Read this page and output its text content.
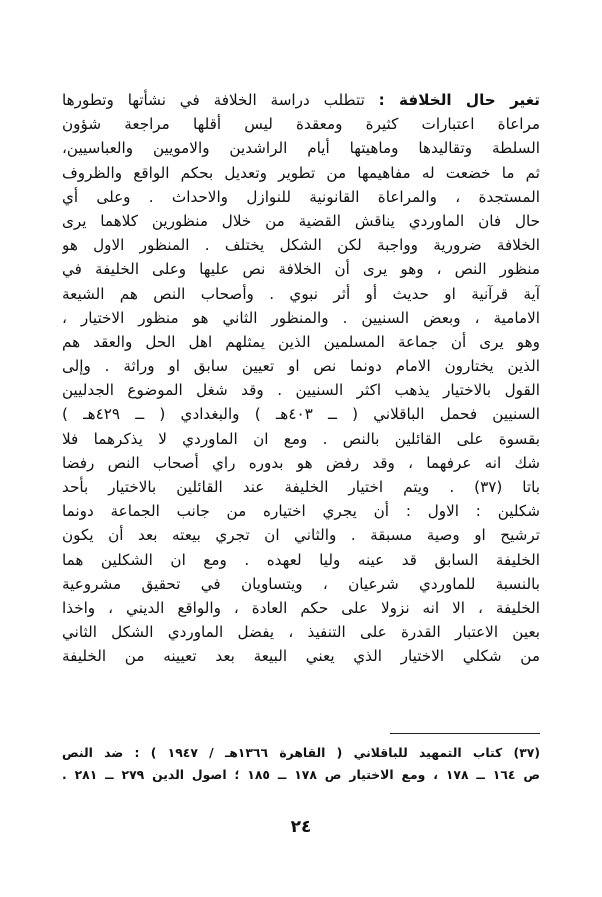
تغير حال الخلافة : تتطلب دراسة الخلافة في نشأتها وتطورها
مراعاة اعتبارات كثيرة ومعقدة ليس أقلها مراجعة شؤون
السلطة وتقاليدها وماهيتها أيام الراشدين والامويين والعباسيين،
ثم ما خضعت له مفاهيمها من تطوير وتعديل بحكم الواقع والظروف
المستجدة ، والمراعاة القانونية للنوازل والاحداث . وعلى أي
حال فان الماوردي يناقش القضية من خلال منظورين كلاهما يرى
الخلافة ضرورية وواجبة لكن الشكل يختلف . المنظور الاول هو
منظور النص ، وهو يرى أن الخلافة نص عليها وعلى الخليفة في
آية قرآنية او حديث أو أثر نبوي . وأصحاب النص هم الشيعة
الامامية ، وبعض السنيين . والمنظور الثاني هو منظور الاختيار ،
وهو يرى أن جماعة المسلمين الذين يمثلهم اهل الحل والعقد هم
الذين يختارون الامام دونما نص او تعيين سابق او وراثة . وإلى
القول بالاختيار يذهب اكثر السنيين . وقد شغل الموضوع الجدليين
السنيين فحمل الباقلاني ( ــ ٤٠٣هـ ) والبغدادي ( ــ ٤٢٩هـ )
بقسوة على القائلين بالنص . ومع ان الماوردي لا يذكرهما فلا
شك انه عرفهما ، وقد رفض هو بدوره راي أصحاب النص رفضا
باتا (٣٧) . ويتم اختيار الخليفة عند القائلين بالاختيار بأحد
شكلين : الاول : أن يجري اختياره من جانب الجماعة دونما
ترشيح او وصية مسبقة . والثاني ان تجري بيعته بعد أن يكون
الخليفة السابق قد عينه وليا لعهده . ومع ان الشكلين هما
بالنسبة للماوردي شرعيان ، ويتساويان في تحقيق مشروعية
الخليفة ، الا انه نزولا على حكم العادة ، والواقع الديني ، واخذا
بعين الاعتبار القدرة على التنفيذ ، يفضل الماوردي الشكل الثاني
من شكلي الاختيار الذي يعني البيعة بعد تعيينه من الخليفة
(٣٧) كتاب التمهيد للباقلاني ( القاهرة ١٣٦٦هـ / ١٩٤٧ ) : ضد النص
ص ١٦٤ ــ ١٧٨ ، ومع الاختيار ص ١٧٨ ــ ١٨٥ ؛ اصول الدين ٢٧٩ ــ ٢٨١ .
٢٤
